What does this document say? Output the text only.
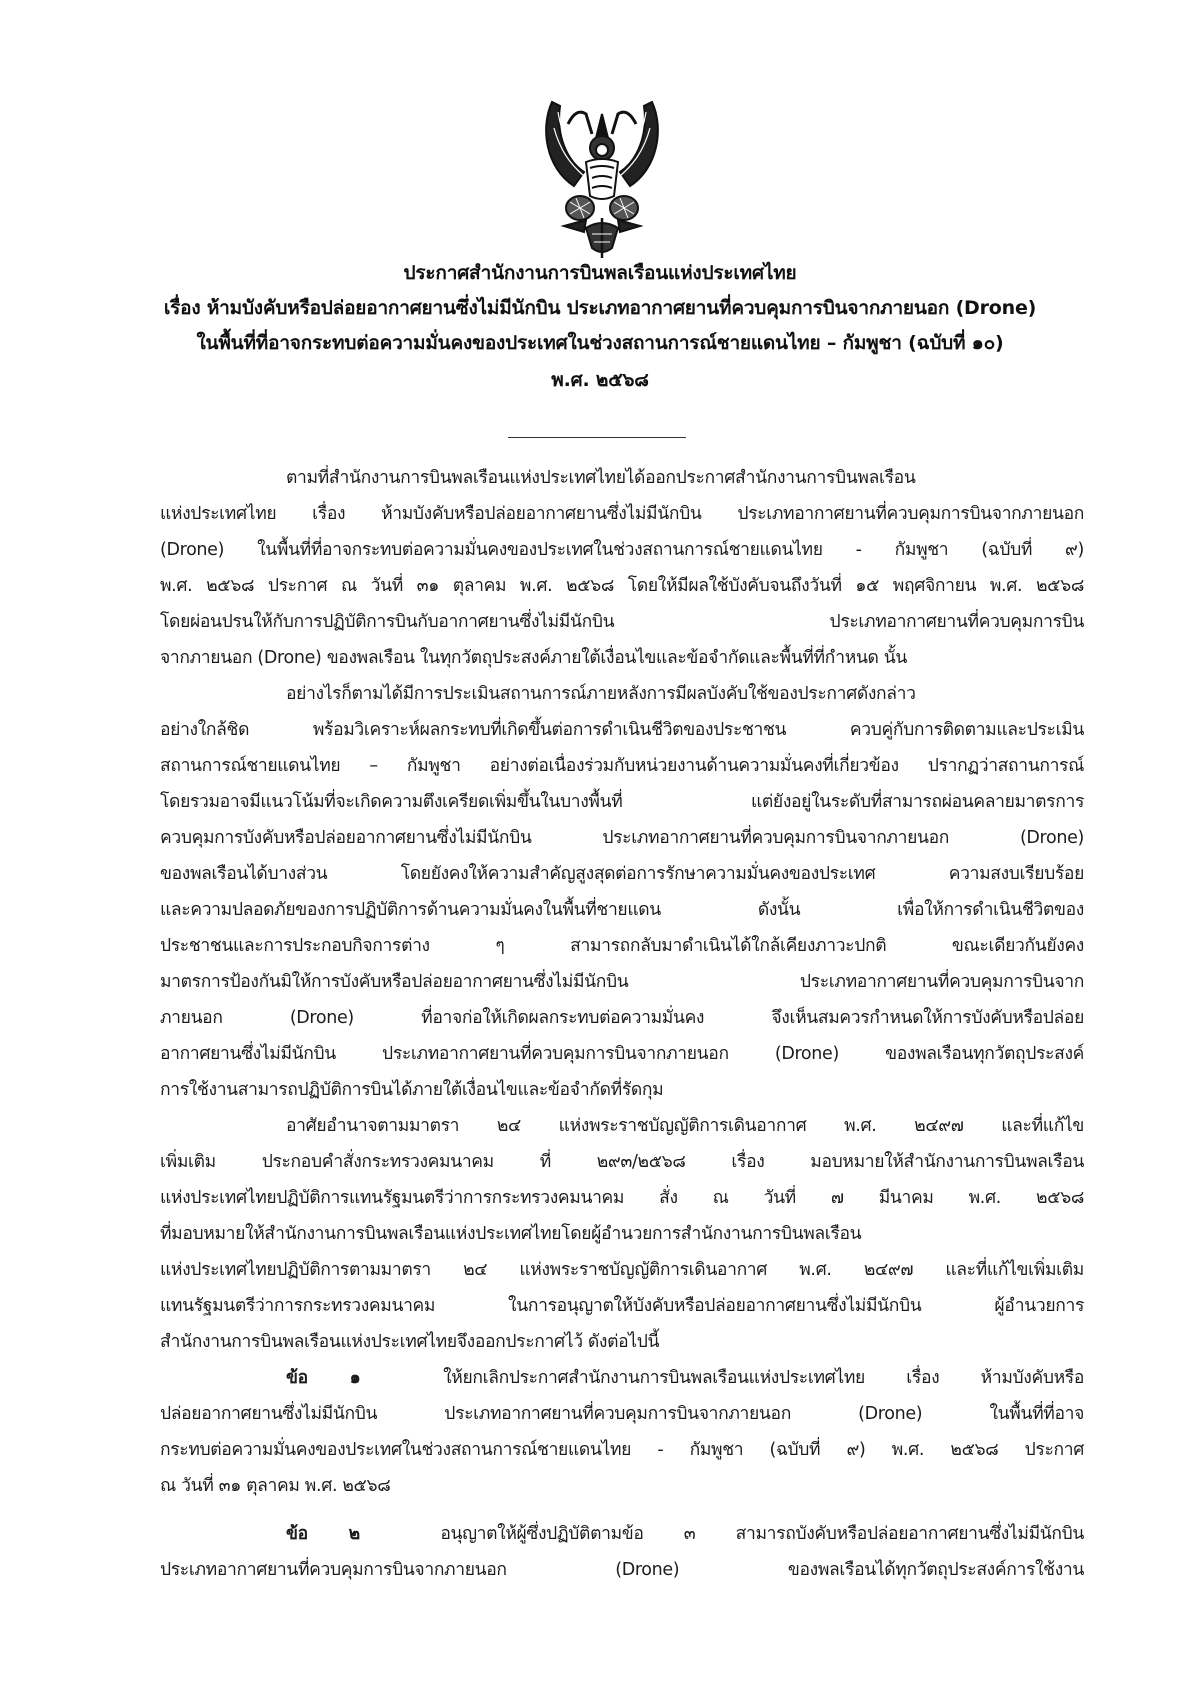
ประกาศสำนักงานการบินพลเรือนแห่งประเทศไทย
เรื่อง ห้ามบังคับหรือปล่อยอากาศยานซึ่งไม่มีนักบิน ประเภทอากาศยานที่ควบคุมการบินจากภายนอก (Drone)
ในพื้นที่ที่อาจกระทบต่อความมั่นคงของประเทศในช่วงสถานการณ์ชายแดนไทย – กัมพูชา (ฉบับที่ ๑๐)
พ.ศ. ๒๕๖๘
ตามที่สำนักงานการบินพลเรือนแห่งประเทศไทยได้ออกประกาศสำนักงานการบินพลเรือน
แห่งประเทศไทย เรื่อง ห้ามบังคับหรือปล่อยอากาศยานซึ่งไม่มีนักบิน ประเภทอากาศยานที่ควบคุมการบินจากภายนอก
(Drone) ในพื้นที่ที่อาจกระทบต่อความมั่นคงของประเทศในช่วงสถานการณ์ชายแดนไทย - กัมพูชา (ฉบับที่ ๙)
พ.ศ. ๒๕๖๘ ประกาศ ณ วันที่ ๓๑ ตุลาคม พ.ศ. ๒๕๖๘ โดยให้มีผลใช้บังคับจนถึงวันที่ ๑๕ พฤศจิกายน พ.ศ. ๒๕๖๘
โดยผ่อนปรนให้กับการปฏิบัติการบินกับอากาศยานซึ่งไม่มีนักบิน ประเภทอากาศยานที่ควบคุมการบิน
จากภายนอก (Drone) ของพลเรือน ในทุกวัตถุประสงค์ภายใต้เงื่อนไขและข้อจำกัดและพื้นที่ที่กำหนด นั้น
อย่างไรก็ตามได้มีการประเมินสถานการณ์ภายหลังการมีผลบังคับใช้ของประกาศดังกล่าว
อย่างใกล้ชิด พร้อมวิเคราะห์ผลกระทบที่เกิดขึ้นต่อการดำเนินชีวิตของประชาชน ควบคู่กับการติดตามและประเมิน
สถานการณ์ชายแดนไทย – กัมพูชา อย่างต่อเนื่องร่วมกับหน่วยงานด้านความมั่นคงที่เกี่ยวข้อง ปรากฏว่าสถานการณ์
โดยรวมอาจมีแนวโน้มที่จะเกิดความตึงเครียดเพิ่มขึ้นในบางพื้นที่ แต่ยังอยู่ในระดับที่สามารถผ่อนคลายมาตรการ
ควบคุมการบังคับหรือปล่อยอากาศยานซึ่งไม่มีนักบิน ประเภทอากาศยานที่ควบคุมการบินจากภายนอก (Drone)
ของพลเรือนได้บางส่วน โดยยังคงให้ความสำคัญสูงสุดต่อการรักษาความมั่นคงของประเทศ ความสงบเรียบร้อย
และความปลอดภัยของการปฏิบัติการด้านความมั่นคงในพื้นที่ชายแดน ดังนั้น เพื่อให้การดำเนินชีวิตของ
ประชาชนและการประกอบกิจการต่าง ๆ สามารถกลับมาดำเนินได้ใกล้เคียงภาวะปกติ ขณะเดียวกันยังคง
มาตรการป้องกันมิให้การบังคับหรือปล่อยอากาศยานซึ่งไม่มีนักบิน ประเภทอากาศยานที่ควบคุมการบินจาก
ภายนอก (Drone) ที่อาจก่อให้เกิดผลกระทบต่อความมั่นคง จึงเห็นสมควรกำหนดให้การบังคับหรือปล่อย
อากาศยานซึ่งไม่มีนักบิน ประเภทอากาศยานที่ควบคุมการบินจากภายนอก (Drone) ของพลเรือนทุกวัตถุประสงค์
การใช้งานสามารถปฏิบัติการบินได้ภายใต้เงื่อนไขและข้อจำกัดที่รัดกุม
อาศัยอำนาจตามมาตรา ๒๔ แห่งพระราชบัญญัติการเดินอากาศ พ.ศ. ๒๔๙๗ และที่แก้ไข
เพิ่มเติม ประกอบคำสั่งกระทรวงคมนาคม ที่ ๒๙๓/๒๕๖๘ เรื่อง มอบหมายให้สำนักงานการบินพลเรือน
แห่งประเทศไทยปฏิบัติการแทนรัฐมนตรีว่าการกระทรวงคมนาคม สั่ง ณ วันที่ ๗ มีนาคม พ.ศ. ๒๕๖๘
ที่มอบหมายให้สำนักงานการบินพลเรือนแห่งประเทศไทยโดยผู้อำนวยการสำนักงานการบินพลเรือน
แห่งประเทศไทยปฏิบัติการตามมาตรา ๒๔ แห่งพระราชบัญญัติการเดินอากาศ พ.ศ. ๒๔๙๗ และที่แก้ไขเพิ่มเติม
แทนรัฐมนตรีว่าการกระทรวงคมนาคม ในการอนุญาตให้บังคับหรือปล่อยอากาศยานซึ่งไม่มีนักบิน ผู้อำนวยการ
สำนักงานการบินพลเรือนแห่งประเทศไทยจึงออกประกาศไว้ ดังต่อไปนี้
ข้อ ๑	ให้ยกเลิกประกาศสำนักงานการบินพลเรือนแห่งประเทศไทย เรื่อง ห้ามบังคับหรือ
ปล่อยอากาศยานซึ่งไม่มีนักบิน ประเภทอากาศยานที่ควบคุมการบินจากภายนอก (Drone) ในพื้นที่ที่อาจ
กระทบต่อความมั่นคงของประเทศในช่วงสถานการณ์ชายแดนไทย - กัมพูชา (ฉบับที่ ๙) พ.ศ. ๒๕๖๘ ประกาศ
ณ วันที่ ๓๑ ตุลาคม พ.ศ. ๒๕๖๘
ข้อ ๒	อนุญาตให้ผู้ซึ่งปฏิบัติตามข้อ ๓ สามารถบังคับหรือปล่อยอากาศยานซึ่งไม่มีนักบิน
ประเภทอากาศยานที่ควบคุมการบินจากภายนอก (Drone) ของพลเรือนได้ทุกวัตถุประสงค์การใช้งาน
